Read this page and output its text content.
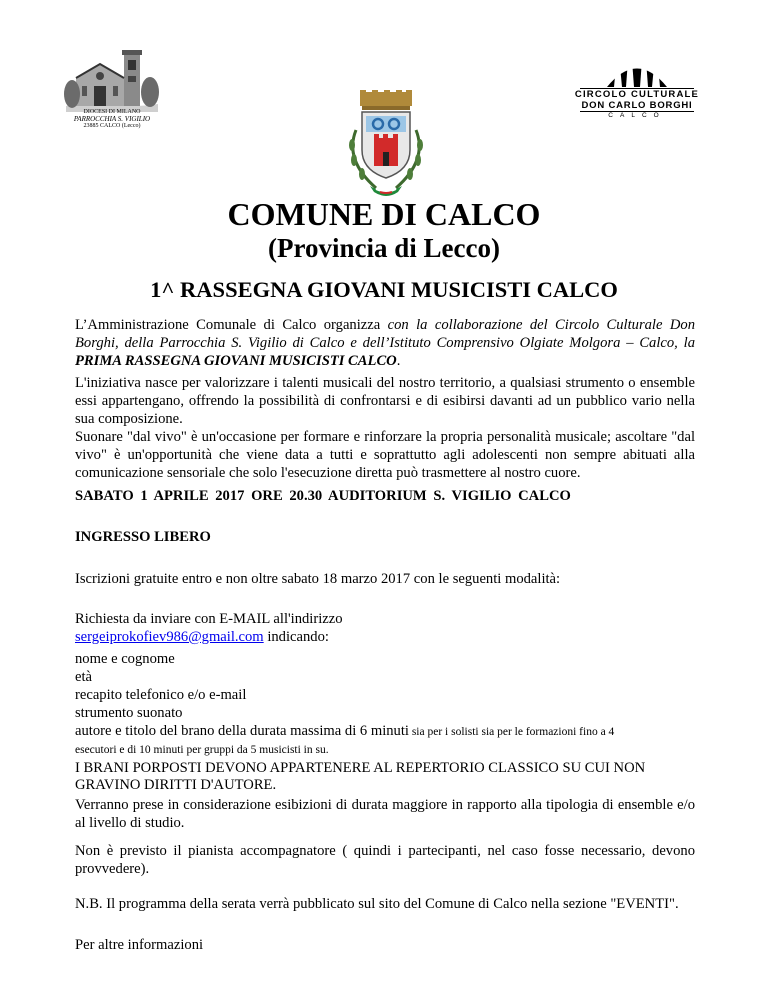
DIOCESI DI MILANO
PARROCCHIA S. VIGILIO
23885 CALCO (Lecco)
CIRCOLO CULTURALE
DON CARLO BORGHI
CALCO
COMUNE DI CALCO
(Provincia di Lecco)
1^ RASSEGNA GIOVANI MUSICISTI CALCO
L’Amministrazione Comunale di Calco organizza con la collaborazione del Circolo Culturale Don Borghi, della Parrocchia S. Vigilio di Calco e dell’Istituto Comprensivo Olgiate Molgora – Calco, la PRIMA RASSEGNA GIOVANI MUSICISTI CALCO.
L'iniziativa nasce per valorizzare i talenti musicali del nostro territorio, a qualsiasi strumento o ensemble essi appartengano, offrendo la possibilità di confrontarsi e di esibirsi davanti ad un pubblico vario nella sua composizione.
Suonare "dal vivo" è un'occasione per formare e rinforzare la propria personalità musicale; ascoltare "dal vivo" è un'opportunità che viene data a tutti e soprattutto agli adolescenti non sempre abituati alla comunicazione sensoriale che solo l'esecuzione diretta può trasmettere al nostro cuore.
SABATO 1 APRILE 2017 ORE 20.30 AUDITORIUM S. VIGILIO CALCO
INGRESSO LIBERO
Iscrizioni gratuite entro e non oltre sabato 18 marzo 2017 con le seguenti modalità:
Richiesta da inviare con E-MAIL all'indirizzo
sergeiprokofiev986@gmail.com indicando:
nome e cognome
età
recapito telefonico e/o e-mail
strumento suonato
autore e titolo del brano della durata massima di 6 minuti sia per i solisti sia per le formazioni fino a 4
esecutori e di 10 minuti per gruppi da 5 musicisti in su.
I BRANI PORPOSTI DEVONO APPARTENERE AL REPERTORIO CLASSICO SU CUI NON GRAVINO DIRITTI D'AUTORE.
Verranno prese in considerazione esibizioni di durata maggiore in rapporto alla tipologia di ensemble e/o al livello di studio.
Non è previsto il pianista accompagnatore ( quindi i partecipanti, nel caso fosse necessario, devono provvedere).
N.B. Il programma della serata verrà pubblicato sul sito del Comune di Calco nella sezione "EVENTI".
Per altre informazioni
